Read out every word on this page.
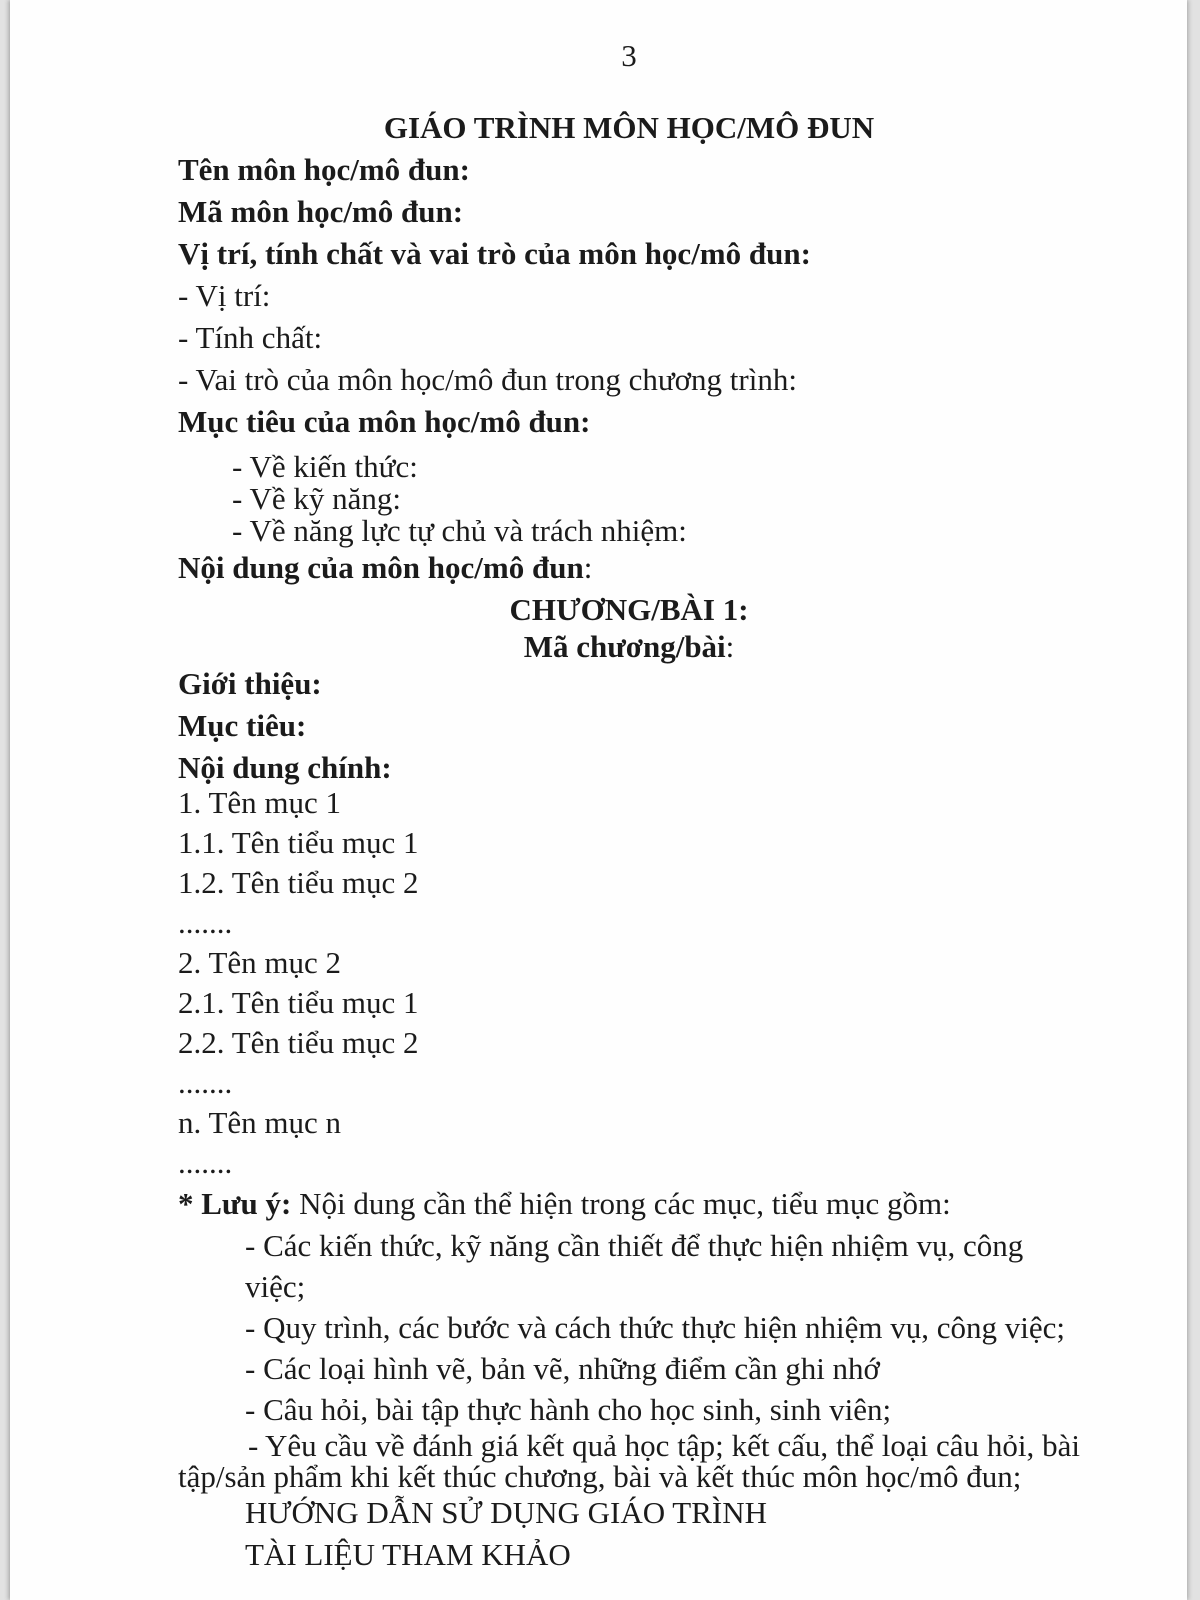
3
GIÁO TRÌNH MÔN HỌC/MÔ ĐUN
Tên môn học/mô đun:
Mã môn học/mô đun:
Vị trí, tính chất và vai trò của môn học/mô đun:
- Vị trí:
- Tính chất:
- Vai trò của môn học/mô đun trong chương trình:
Mục tiêu của môn học/mô đun:
- Về kiến thức:
- Về kỹ năng:
- Về năng lực tự chủ và trách nhiệm:
Nội dung của môn học/mô đun:
CHƯƠNG/BÀI 1:
Mã chương/bài:
Giới thiệu:
Mục tiêu:
Nội dung chính:
1. Tên mục 1
1.1. Tên tiểu mục 1
1.2. Tên tiểu mục 2
.......
2. Tên mục 2
2.1. Tên tiểu mục 1
2.2. Tên tiểu mục 2
.......
n. Tên mục n
.......
* Lưu ý: Nội dung cần thể hiện trong các mục, tiểu mục gồm:
- Các kiến thức, kỹ năng cần thiết để thực hiện nhiệm vụ, công việc;
- Quy trình, các bước và cách thức thực hiện nhiệm vụ, công việc;
- Các loại hình vẽ, bản vẽ, những điểm cần ghi nhớ
- Câu hỏi, bài tập thực hành cho học sinh, sinh viên;
- Yêu cầu về đánh giá kết quả học tập; kết cấu, thể loại câu hỏi, bài tập/sản phẩm khi kết thúc chương, bài và kết thúc môn học/mô đun;
HƯỚNG DẪN SỬ DỤNG GIÁO TRÌNH
TÀI LIỆU THAM KHẢO
